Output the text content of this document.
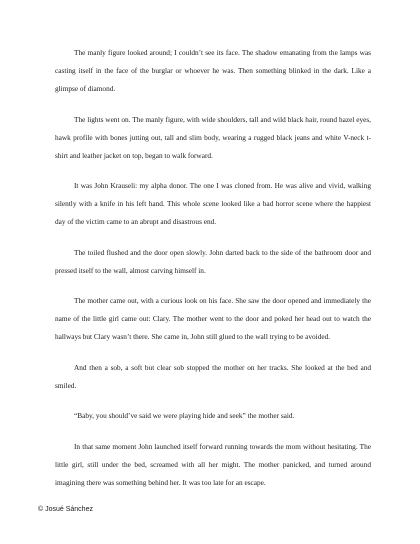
The manly figure looked around; I couldn’t see its face. The shadow emanating from the lamps was casting itself in the face of the burglar or whoever he was. Then something blinked in the dark. Like a glimpse of diamond.

The lights went on. The manly figure, with wide shoulders, tall and wild black hair, round hazel eyes, hawk profile with bones jutting out, tall and slim body, wearing a rugged black jeans and white V-neck t-shirt and leather jacket on top, began to walk forward.

It was John Krauseli: my alpha donor. The one I was cloned from. He was alive and vivid, walking silently with a knife in his left hand. This whole scene looked like a bad horror scene where the happiest day of the victim came to an abrupt and disastrous end.

The toiled flushed and the door open slowly. John darted back to the side of the bathroom door and pressed itself to the wall, almost carving himself in.

The mother came out, with a curious look on his face. She saw the door opened and immediately the name of the little girl came out: Clary. The mother went to the door and poked her head out to watch the hallways but Clary wasn’t there. She came in, John still glued to the wall trying to be avoided.

And then a sob, a soft but clear sob stopped the mother on her tracks. She looked at the bed and smiled.

“Baby, you should’ve said we were playing hide and seek” the mother said.

In that same moment John launched itself forward running towards the mom without hesitating. The little girl, still under the bed, screamed with all her might. The mother panicked, and turned around imagining there was something behind her. It was too late for an escape.

© Josué Sánchez
